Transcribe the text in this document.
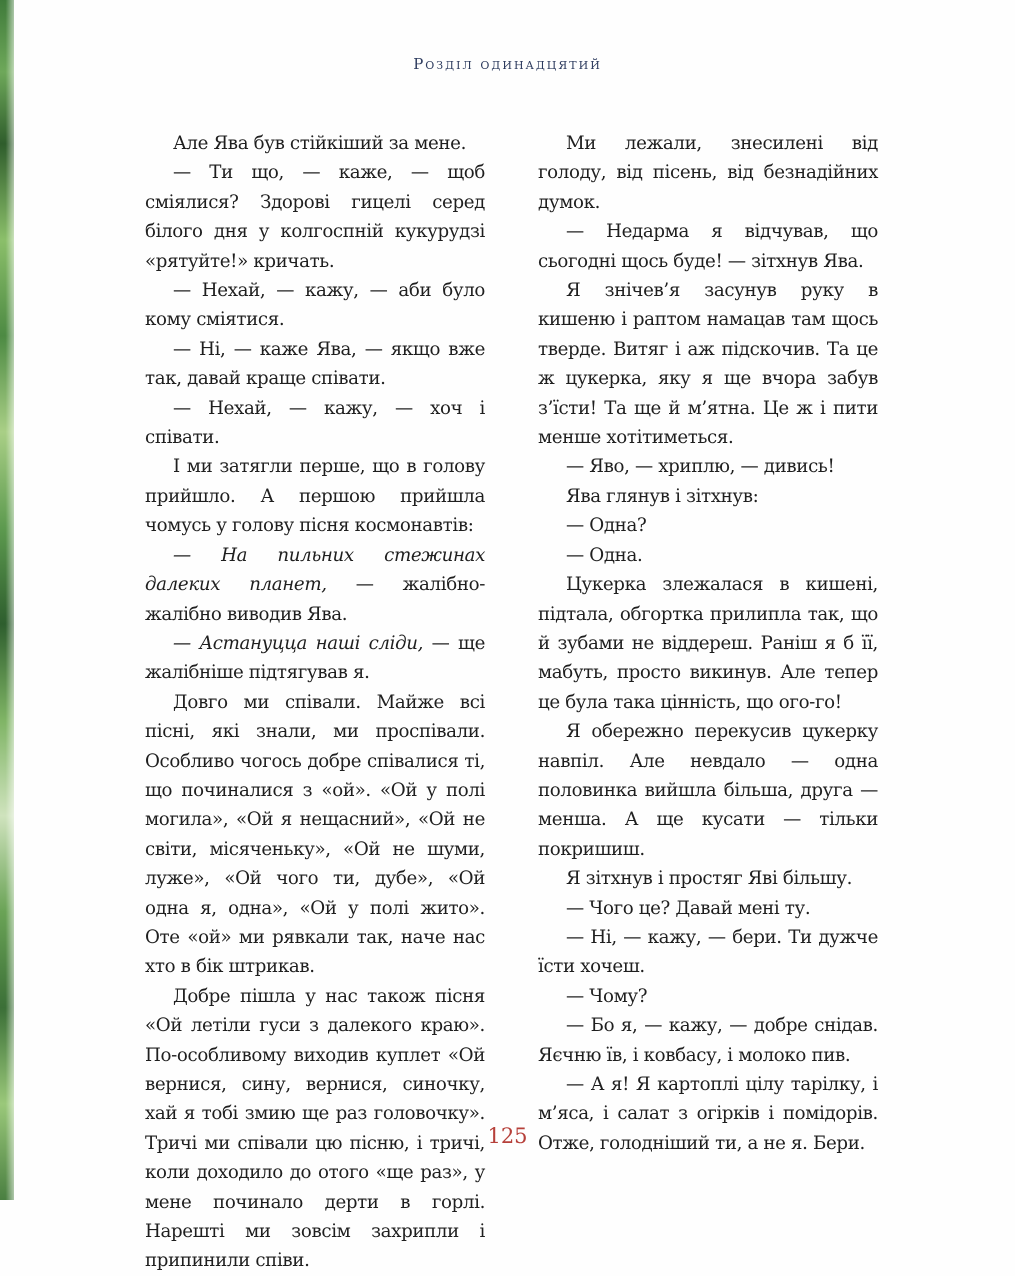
Розділ одинадцятий

Але Ява був стійкіший за мене.

— Ти що, — каже, — щоб сміялися? Здорові гицелі серед білого дня у колгоспній кукурудзі «рятуйте!» кричать.

— Нехай, — кажу, — аби було кому сміятися.

— Ні, — каже Ява, — якщо вже так, давай краще співати.

— Нехай, — кажу, — хоч і співати.

І ми затягли перше, що в голову прийшло. А першою прийшла чомусь у голову пісня космонавтів:

— На пильних стежинах далеких планет, — жалібно-жалібно виводив Ява.

— Астануцца наші сліди, — ще жалібніше підтягував я.

Довго ми співали. Майже всі пісні, які знали, ми проспівали. Особливо чогось добре співалися ті, що починалися з «ой». «Ой у полі могила», «Ой я нещасний», «Ой не світи, місяченьку», «Ой не шуми, луже», «Ой чого ти, дубе», «Ой одна я, одна», «Ой у полі жито». Оте «ой» ми рявкали так, наче нас хто в бік штрикав.

Добре пішла у нас також пісня «Ой летіли гуси з далекого краю». По-особливому виходив куплет «Ой вернися, сину, вернися, синочку, хай я тобі змию ще раз головочку». Тричі ми співали цю пісню, і тричі, коли доходило до отого «ще раз», у мене починало дерти в горлі. Нарешті ми зовсім захрипли і припинили співи.

Ми лежали, знесилені від голоду, від пісень, від безнадійних думок.

— Недарма я відчував, що сьогодні щось буде! — зітхнув Ява.

Я знічев’я засунув руку в кишеню і раптом намацав там щось тверде. Витяг і аж підскочив. Та це ж цукерка, яку я ще вчора забув з’їсти! Та ще й м’ятна. Це ж і пити менше хотітиметься.

— Яво, — хриплю, — дивись!

Ява глянув і зітхнув:

— Одна?

— Одна.

Цукерка злежалася в кишені, підтала, обгортка прилипла так, що й зубами не віддереш. Раніш я б її, мабуть, просто викинув. Але тепер це була така цінність, що ого-го!

Я обережно перекусив цукерку навпіл. Але невдало — одна половинка вийшла більша, друга — менша. А ще кусати — тільки покришиш.

Я зітхнув і простяг Яві більшу.

— Чого це? Давай мені ту.

— Ні, — кажу, — бери. Ти дужче їсти хочеш.

— Чому?

— Бо я, — кажу, — добре снідав. Яєчню їв, і ковбасу, і молоко пив.

— А я! Я картоплі цілу тарілку, і м’яса, і салат з огірків і помідорів. Отже, голодніший ти, а не я. Бери.

125
